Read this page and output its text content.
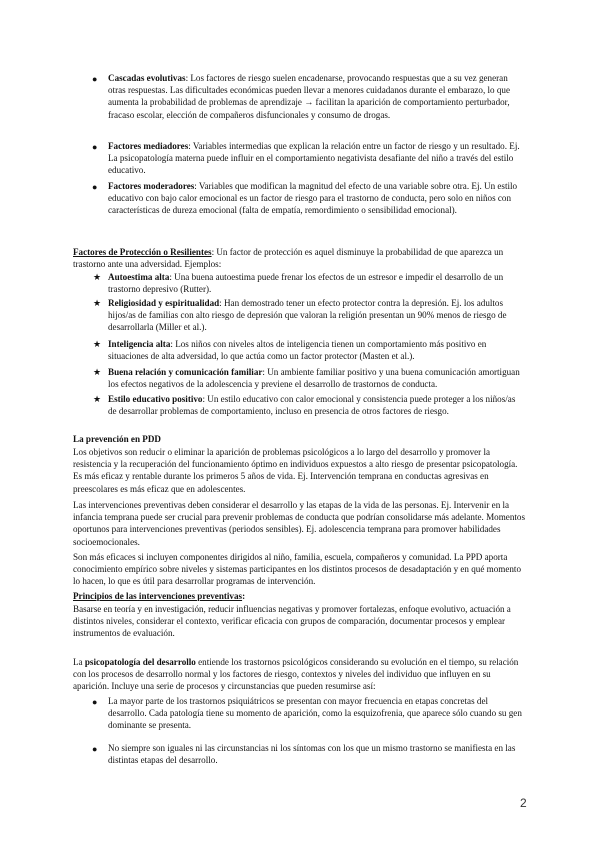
● Cascadas evolutivas: Los factores de riesgo suelen encadenarse, provocando respuestas que a su vez generan otras respuestas. Las dificultades económicas pueden llevar a menores cuidadanos durante el embarazo, lo que aumenta la probabilidad de problemas de aprendizaje → facilitan la aparición de comportamiento perturbador, fracaso escolar, elección de compañeros disfuncionales y consumo de drogas.
● Factores mediadores: Variables intermedias que explican la relación entre un factor de riesgo y un resultado. Ej. La psicopatología materna puede influir en el comportamiento negativista desafiante del niño a través del estilo educativo.
● Factores moderadores: Variables que modifican la magnitud del efecto de una variable sobre otra. Ej. Un estilo educativo con bajo calor emocional es un factor de riesgo para el trastorno de conducta, pero solo en niños con características de dureza emocional (falta de empatía, remordimiento o sensibilidad emocional).
Factores de Protección o Resilientes: Un factor de protección es aquel disminuye la probabilidad de que aparezca un trastorno ante una adversidad. Ejemplos:
★ Autoestima alta: Una buena autoestima puede frenar los efectos de un estresor e impedir el desarrollo de un trastorno depresivo (Rutter).
★ Religiosidad y espiritualidad: Han demostrado tener un efecto protector contra la depresión. Ej. los adultos hijos/as de familias con alto riesgo de depresión que valoran la religión presentan un 90% menos de riesgo de desarrollarla (Miller et al.).
★ Inteligencia alta: Los niños con niveles altos de inteligencia tienen un comportamiento más positivo en situaciones de alta adversidad, lo que actúa como un factor protector (Masten et al.).
★ Buena relación y comunicación familiar: Un ambiente familiar positivo y una buena comunicación amortiguan los efectos negativos de la adolescencia y previene el desarrollo de trastornos de conducta.
★ Estilo educativo positivo: Un estilo educativo con calor emocional y consistencia puede proteger a los niños/as de desarrollar problemas de comportamiento, incluso en presencia de otros factores de riesgo.
La prevención en PDD
Los objetivos son reducir o eliminar la aparición de problemas psicológicos a lo largo del desarrollo y promover la resistencia y la recuperación del funcionamiento óptimo en individuos expuestos a alto riesgo de presentar psicopatología. Es más eficaz y rentable durante los primeros 5 años de vida. Ej. Intervención temprana en conductas agresivas en preescolares es más eficaz que en adolescentes.
Las intervenciones preventivas deben considerar el desarrollo y las etapas de la vida de las personas. Ej. Intervenir en la infancia temprana puede ser crucial para prevenir problemas de conducta que podrían consolidarse más adelante. Momentos oportunos para intervenciones preventivas (periodos sensibles). Ej. adolescencia temprana para promover habilidades socioemocionales.
Son más eficaces si incluyen componentes dirigidos al niño, familia, escuela, compañeros y comunidad. La PPD aporta conocimiento empírico sobre niveles y sistemas participantes en los distintos procesos de desadaptación y en qué momento lo hacen, lo que es útil para desarrollar programas de intervención.
Principios de las intervenciones preventivas:
Basarse en teoría y en investigación, reducir influencias negativas y promover fortalezas, enfoque evolutivo, actuación a distintos niveles, considerar el contexto, verificar eficacia con grupos de comparación, documentar procesos y emplear instrumentos de evaluación.
La psicopatología del desarrollo entiende los trastornos psicológicos considerando su evolución en el tiempo, su relación con los procesos de desarrollo normal y los factores de riesgo, contextos y niveles del individuo que influyen en su aparición. Incluye una serie de procesos y circunstancias que pueden resumirse así:
● La mayor parte de los trastornos psiquiátricos se presentan con mayor frecuencia en etapas concretas del desarrollo. Cada patología tiene su momento de aparición, como la esquizofrenia, que aparece sólo cuando su gen dominante se presenta.
● No siempre son iguales ni las circunstancias ni los síntomas con los que un mismo trastorno se manifiesta en las distintas etapas del desarrollo.
2
